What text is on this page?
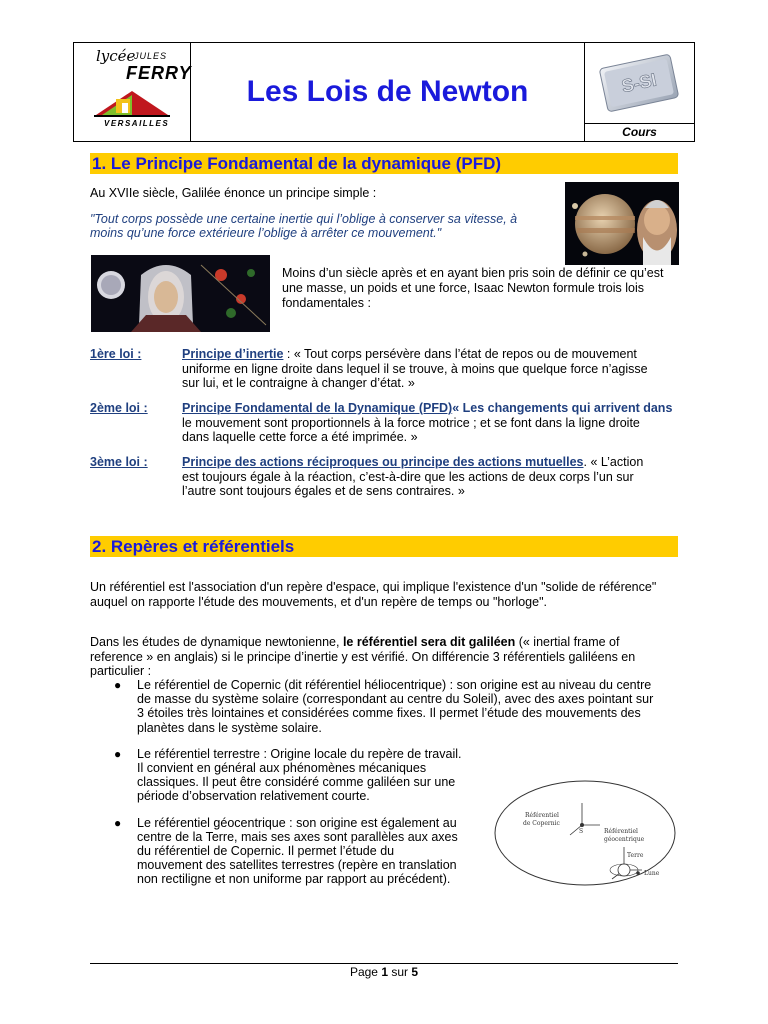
lycée
JULES
FERRY
VERSAILLES
Les Lois de Newton	S-SI
Cours
1. Le Principe Fondamental de la dynamique (PFD)
Au XVIIe siècle, Galilée énonce un principe simple :
"Tout corps possède une certaine inertie qui l’oblige à conserver sa vitesse, à
moins qu’une force extérieure l’oblige à arrêter ce mouvement."
Moins d’un siècle après et en ayant bien pris soin de définir ce qu’est
une masse, un poids et une force, Isaac Newton formule trois lois
fondamentales :
1ère loi :	Principe d’inertie : « Tout corps persévère dans l’état de repos ou de mouvement
uniforme en ligne droite dans lequel il se trouve, à moins que quelque force n’agisse
sur lui, et le contraigne à changer d’état. »
2ème loi :	Principe Fondamental de la Dynamique (PFD)« Les changements qui arrivent dans
le mouvement sont proportionnels à la force motrice ; et se font dans la ligne droite
dans laquelle cette force a été imprimée. »
3ème loi :	Principe des actions réciproques ou principe des actions mutuelles. « L’action
est toujours égale à la réaction, c’est-à-dire que les actions de deux corps l’un sur
l’autre sont toujours égales et de sens contraires. »
2. Repères et référentiels
Un référentiel est l'association d'un repère d'espace, qui implique l'existence d'un "solide de référence"
auquel on rapporte l'étude des mouvements, et d'un repère de temps ou "horloge".
Dans les études de dynamique newtonienne, le référentiel sera dit galiléen (« inertial frame of
reference » en anglais) si le principe d’inertie y est vérifié. On différencie 3 référentiels galiléens en
particulier :
● Le référentiel de Copernic (dit référentiel héliocentrique) : son origine est au niveau du centre
de masse du système solaire (correspondant au centre du Soleil), avec des axes pointant sur
3 étoiles très lointaines et considérées comme fixes. Il permet l’étude des mouvements des
planètes dans le système solaire.
● Le référentiel terrestre : Origine locale du repère de travail.
Il convient en général aux phénomènes mécaniques
classiques. Il peut être considéré comme galiléen sur une
période d’observation relativement courte.
● Le référentiel géocentrique : son origine est également au
centre de la Terre, mais ses axes sont parallèles aux axes
du référentiel de Copernic. Il permet l’étude du
mouvement des satellites terrestres (repère en translation
non rectiligne et non uniforme par rapport au précédent).
Référentiel
de Copernic
S	Référentiel
géocentrique
Terre
Lune
Page 1 sur 5
